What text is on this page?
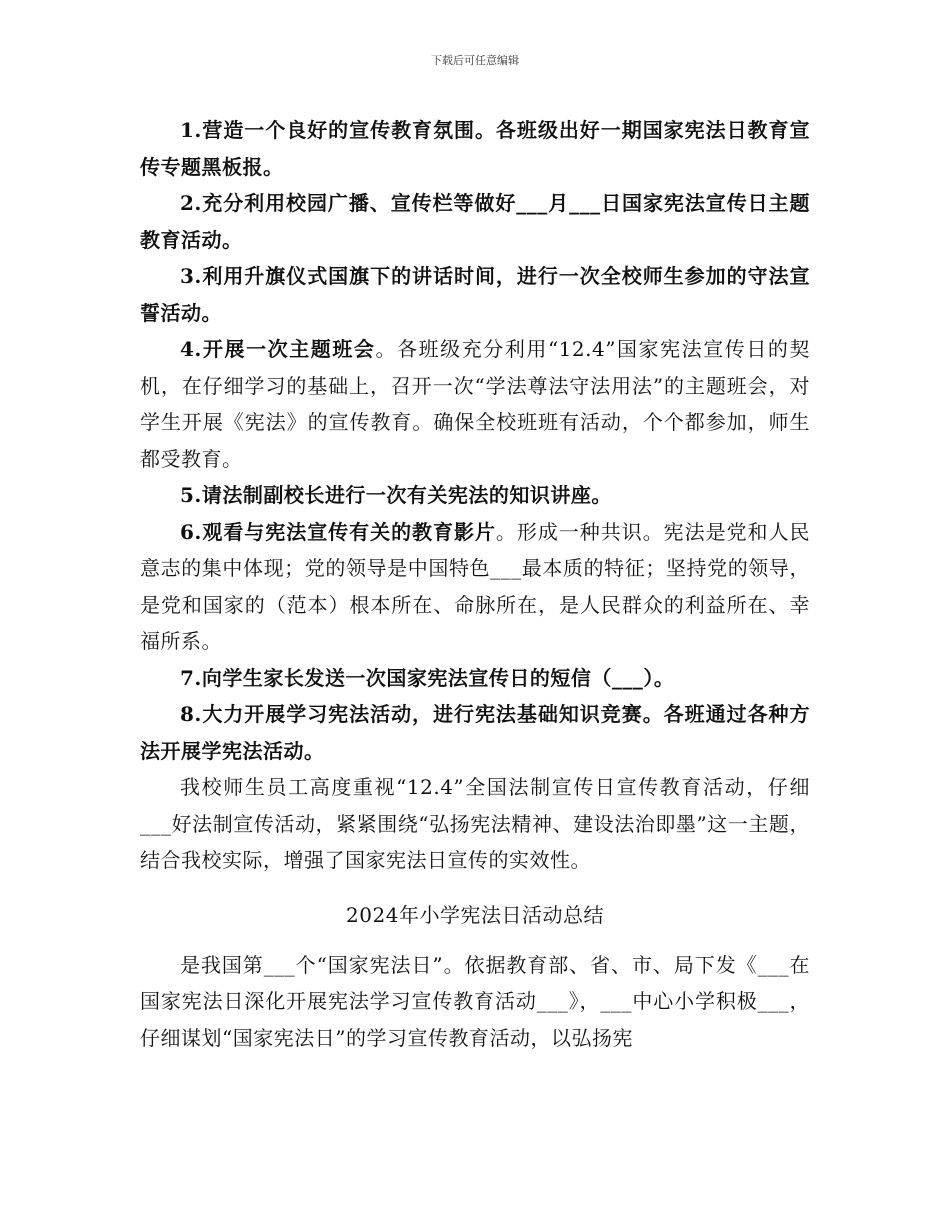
下载后可任意编辑

1.营造一个良好的宣传教育氛围。各班级出好一期国家宪法日教育宣传专题黑板报。

2.充分利用校园广播、宣传栏等做好___月___日国家宪法宣传日主题教育活动。

3.利用升旗仪式国旗下的讲话时间，进行一次全校师生参加的守法宣誓活动。

4.开展一次主题班会。各班级充分利用“12.4”国家宪法宣传日的契机，在仔细学习的基础上，召开一次“学法尊法守法用法”的主题班会，对学生开展《宪法》的宣传教育。确保全校班班有活动，个个都参加，师生都受教育。

5.请法制副校长进行一次有关宪法的知识讲座。

6.观看与宪法宣传有关的教育影片。形成一种共识。宪法是党和人民意志的集中体现；党的领导是中国特色___最本质的特征；坚持党的领导，是党和国家的（范本）根本所在、命脉所在，是人民群众的利益所在、幸福所系。

7.向学生家长发送一次国家宪法宣传日的短信（___）。

8.大力开展学习宪法活动，进行宪法基础知识竞赛。各班通过各种方法开展学宪法活动。

我校师生员工高度重视“12.4”全国法制宣传日宣传教育活动，仔细___好法制宣传活动，紧紧围绕“弘扬宪法精神、建设法治即墨”这一主题，结合我校实际，增强了国家宪法日宣传的实效性。

2024年小学宪法日活动总结

是我国第___个“国家宪法日”。依据教育部、省、市、局下发《___在国家宪法日深化开展宪法学习宣传教育活动___》，___中心小学积极___，仔细谋划“国家宪法日”的学习宣传教育活动，以弘扬宪
